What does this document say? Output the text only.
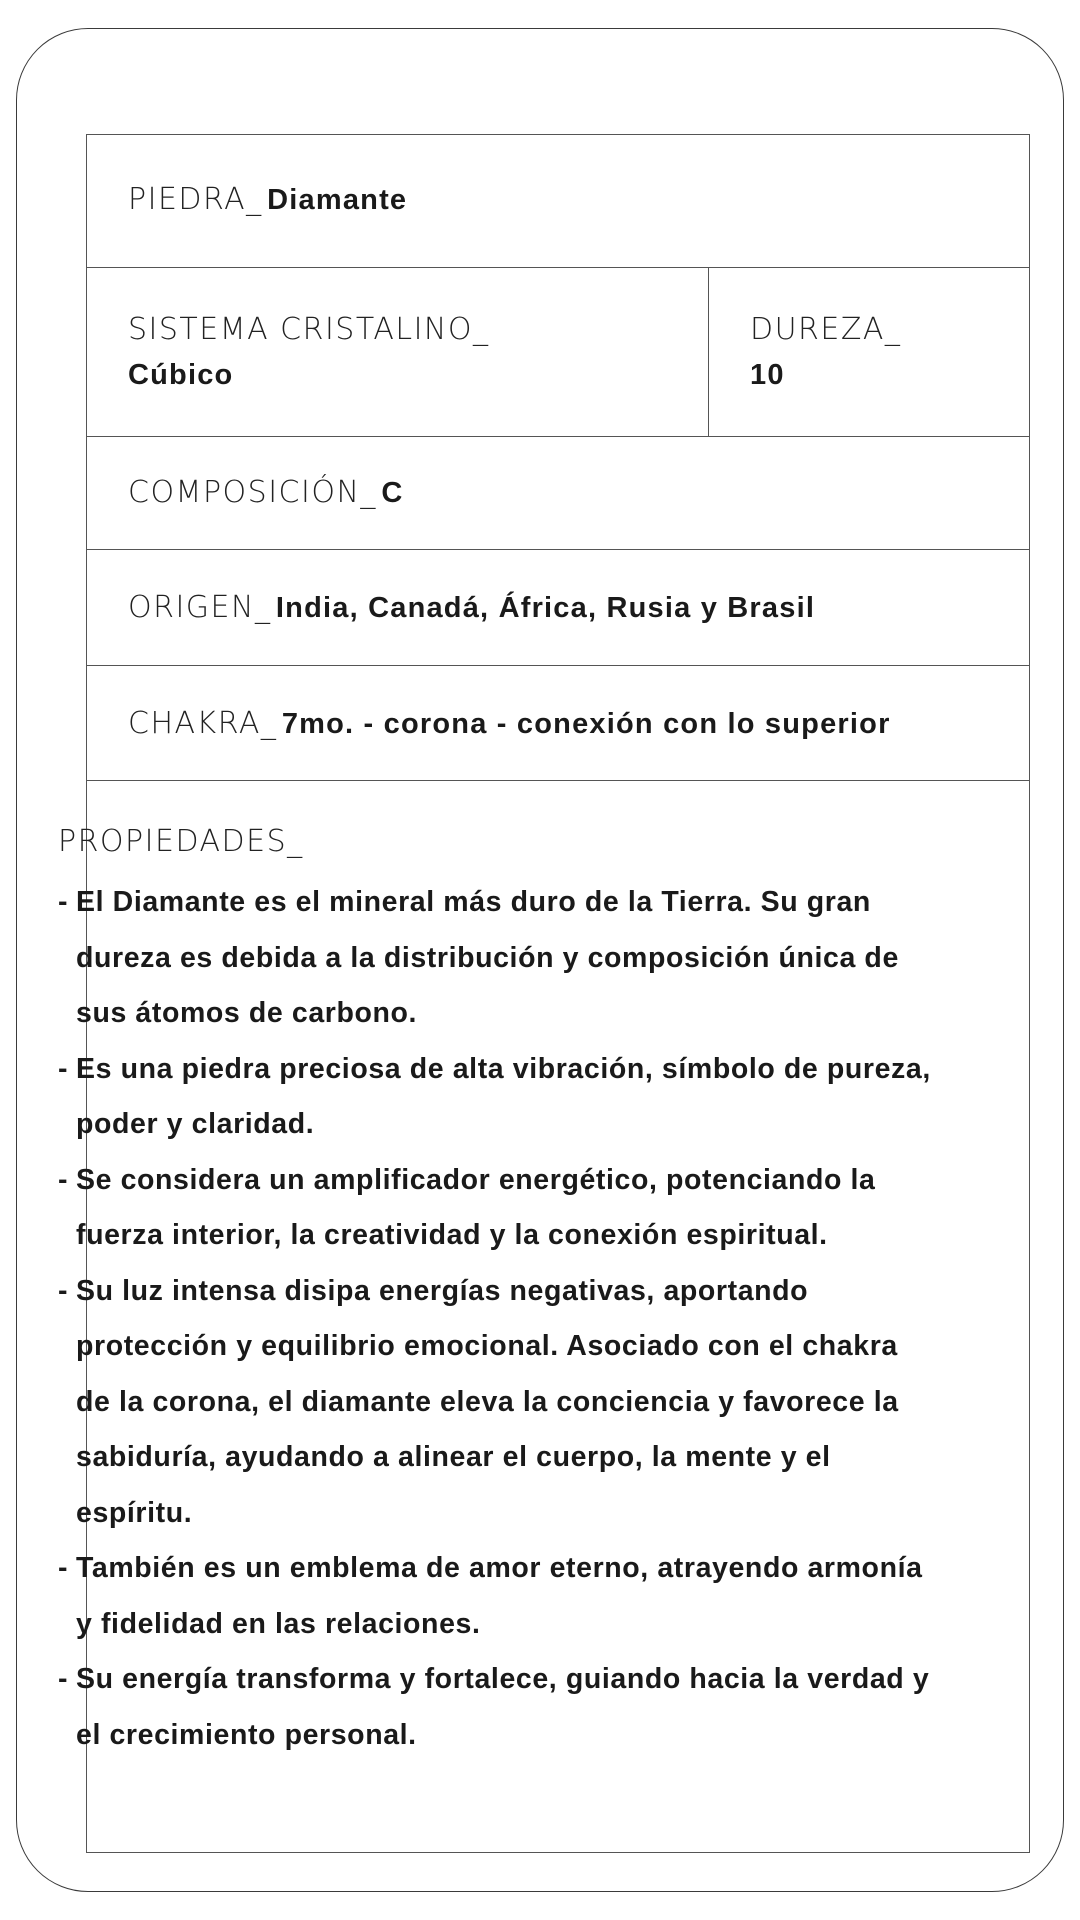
PIEDRA_ Diamante
SISTEMA CRISTALINO_
Cúbico
DUREZA_
10
COMPOSICIÓN_ C
ORIGEN_ India, Canadá, África, Rusia y Brasil
CHAKRA_ 7mo. - corona - conexión con lo superior
PROPIEDADES_
- El Diamante es el mineral más duro de la Tierra. Su gran dureza es debida a la distribución y composición única de sus átomos de carbono.
- Es una piedra preciosa de alta vibración, símbolo de pureza, poder y claridad.
- Se considera un amplificador energético, potenciando la fuerza interior, la creatividad y la conexión espiritual.
- Su luz intensa disipa energías negativas, aportando protección y equilibrio emocional. Asociado con el chakra de la corona, el diamante eleva la conciencia y favorece la sabiduría, ayudando a alinear el cuerpo, la mente y el espíritu.
- También es un emblema de amor eterno, atrayendo armonía y fidelidad en las relaciones.
- Su energía transforma y fortalece, guiando hacia la verdad y el crecimiento personal.
